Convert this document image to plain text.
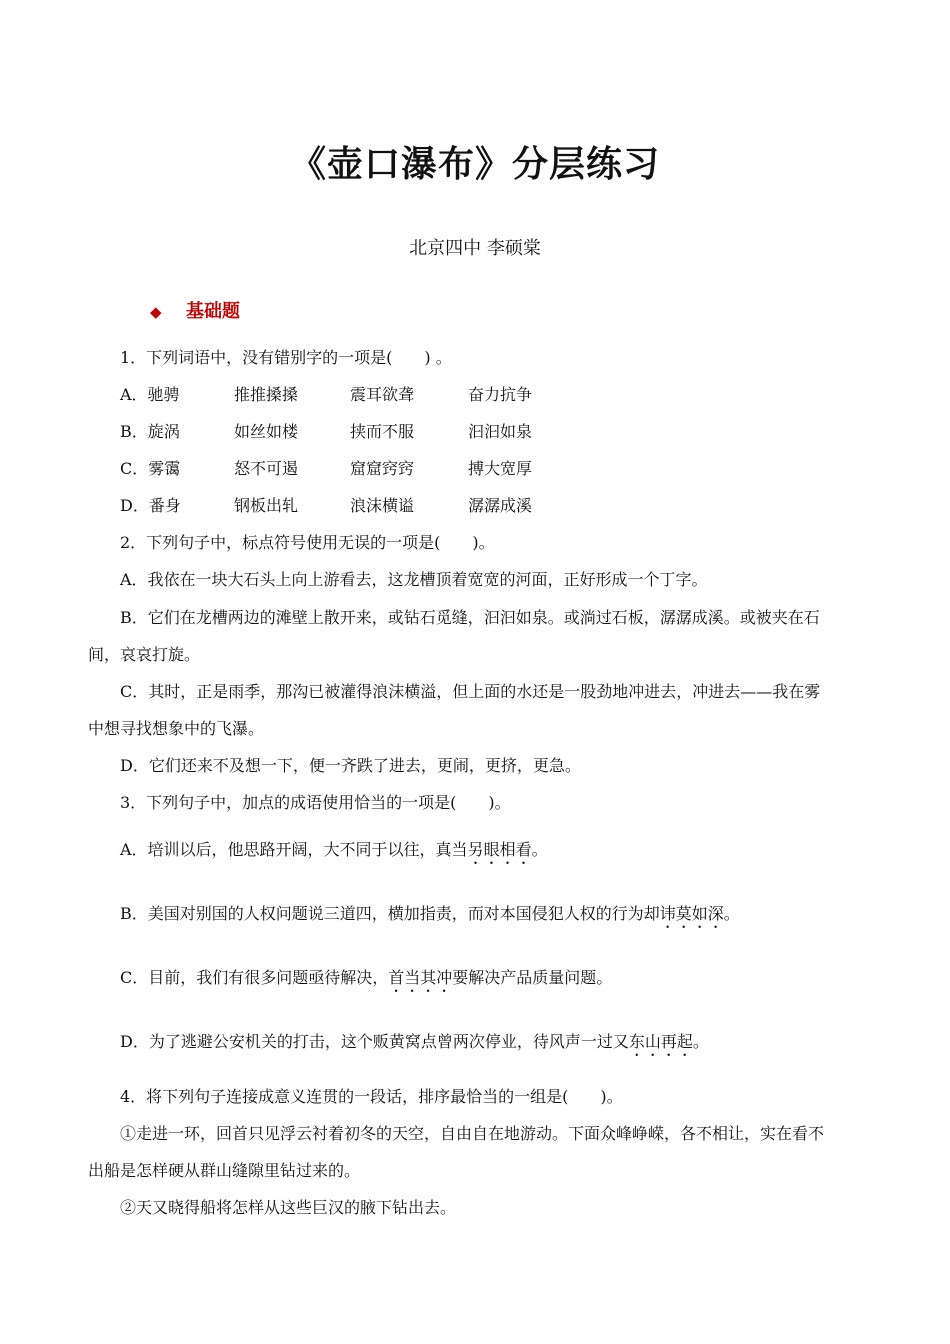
《壶口瀑布》分层练习
北京四中 李硕棠
◆ 基础题
1．下列词语中，没有错别字的一项是(　　) 。
A．驰骋	推推搡搡	震耳欲聋	奋力抗争
B．旋涡	如丝如楼	挟而不服	汩汩如泉
C．雾霭	怒不可遏	窟窟窍窍	搏大宽厚
D．番身	钢板出轧	浪沫横谥	潺潺成溪
2．下列句子中，标点符号使用无误的一项是(　　)。
A．我依在一块大石头上向上游看去，这龙槽顶着宽宽的河面，正好形成一个丁字。
B．它们在龙槽两边的滩壁上散开来，或钻石觅缝，汩汩如泉。或淌过石板，潺潺成溪。或被夹在石
间，哀哀打旋。
C．其时，正是雨季，那沟已被灌得浪沫横溢，但上面的水还是一股劲地冲进去，冲进去——我在雾
中想寻找想象中的飞瀑。
D．它们还来不及想一下，便一齐跌了进去，更闹，更挤，更急。
3．下列句子中，加点的成语使用恰当的一项是(　　)。
A．培训以后，他思路开阔，大不同于以往，真当另眼相看。
B．美国对别国的人权问题说三道四，横加指责，而对本国侵犯人权的行为却讳莫如深。
C．目前，我们有很多问题亟待解决，首当其冲要解决产品质量问题。
D．为了逃避公安机关的打击，这个贩黄窝点曾两次停业，待风声一过又东山再起。
4．将下列句子连接成意义连贯的一段话，排序最恰当的一组是(　　)。
①走进一环，回首只见浮云衬着初冬的天空，自由自在地游动。下面众峰峥嵘，各不相让，实在看不
出船是怎样硬从群山缝隙里钻过来的。
②天又晓得船将怎样从这些巨汉的腋下钻出去。
